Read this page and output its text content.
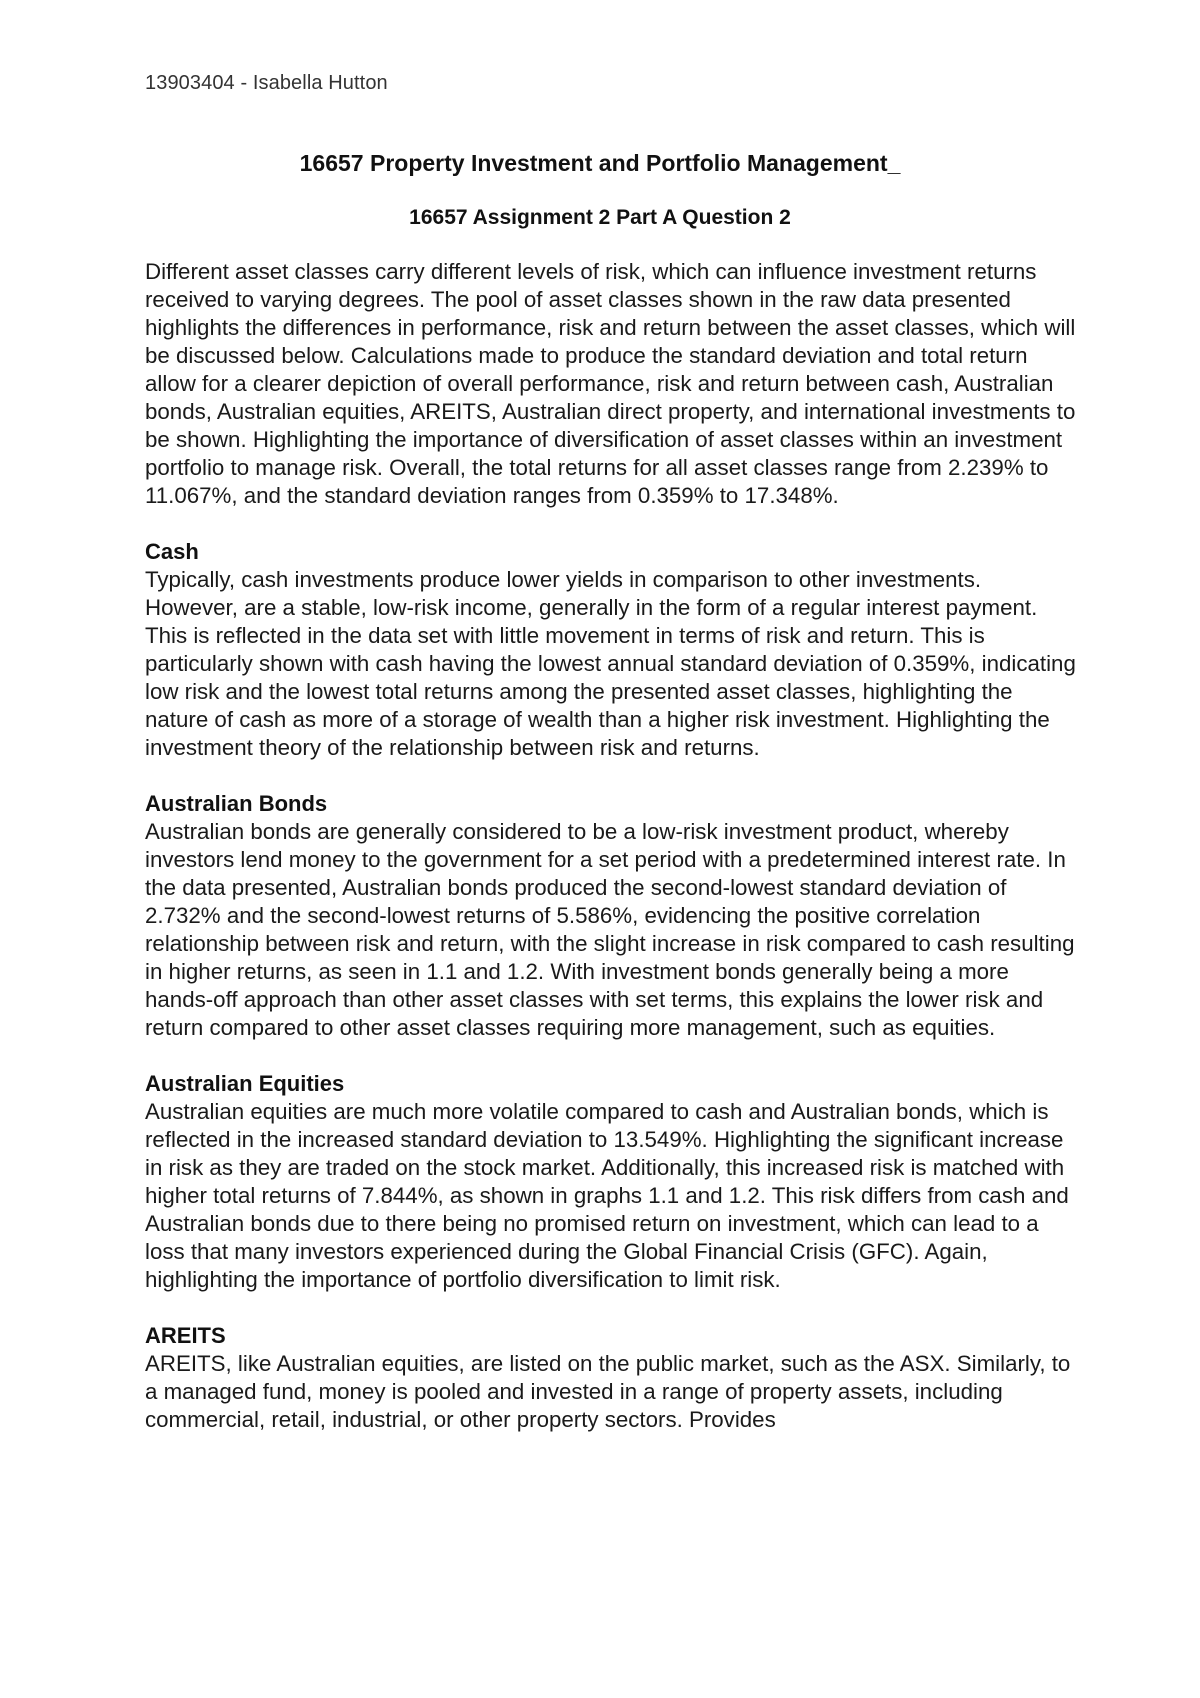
13903404 - Isabella Hutton
16657 Property Investment and Portfolio Management_
16657 Assignment 2 Part A Question 2

Different asset classes carry different levels of risk, which can influence investment returns received to varying degrees. The pool of asset classes shown in the raw data presented highlights the differences in performance, risk and return between the asset classes, which will be discussed below. Calculations made to produce the standard deviation and total return allow for a clearer depiction of overall performance, risk and return between cash, Australian bonds, Australian equities, AREITS, Australian direct property, and international investments to be shown. Highlighting the importance of diversification of asset classes within an investment portfolio to manage risk. Overall, the total returns for all asset classes range from 2.239% to 11.067%, and the standard deviation ranges from 0.359% to 17.348%.

Cash
Typically, cash investments produce lower yields in comparison to other investments. However, are a stable, low-risk income, generally in the form of a regular interest payment. This is reflected in the data set with little movement in terms of risk and return. This is particularly shown with cash having the lowest annual standard deviation of 0.359%, indicating low risk and the lowest total returns among the presented asset classes, highlighting the nature of cash as more of a storage of wealth than a higher risk investment. Highlighting the investment theory of the relationship between risk and returns.
Australian Bonds
Australian bonds are generally considered to be a low-risk investment product, whereby investors lend money to the government for a set period with a predetermined interest rate. In the data presented, Australian bonds produced the second-lowest standard deviation of 2.732% and the second-lowest returns of 5.586%, evidencing the positive correlation relationship between risk and return, with the slight increase in risk compared to cash resulting in higher returns, as seen in 1.1 and 1.2. With investment bonds generally being a more hands-off approach than other asset classes with set terms, this explains the lower risk and return compared to other asset classes requiring more management, such as equities.
Australian Equities
Australian equities are much more volatile compared to cash and Australian bonds, which is reflected in the increased standard deviation to 13.549%. Highlighting the significant increase in risk as they are traded on the stock market. Additionally, this increased risk is matched with higher total returns of 7.844%, as shown in graphs 1.1 and 1.2. This risk differs from cash and Australian bonds due to there being no promised return on investment, which can lead to a loss that many investors experienced during the Global Financial Crisis (GFC). Again, highlighting the importance of portfolio diversification to limit risk.
AREITS
AREITS, like Australian equities, are listed on the public market, such as the ASX. Similarly, to a managed fund, money is pooled and invested in a range of property assets, including commercial, retail, industrial, or other property sectors. Provides
